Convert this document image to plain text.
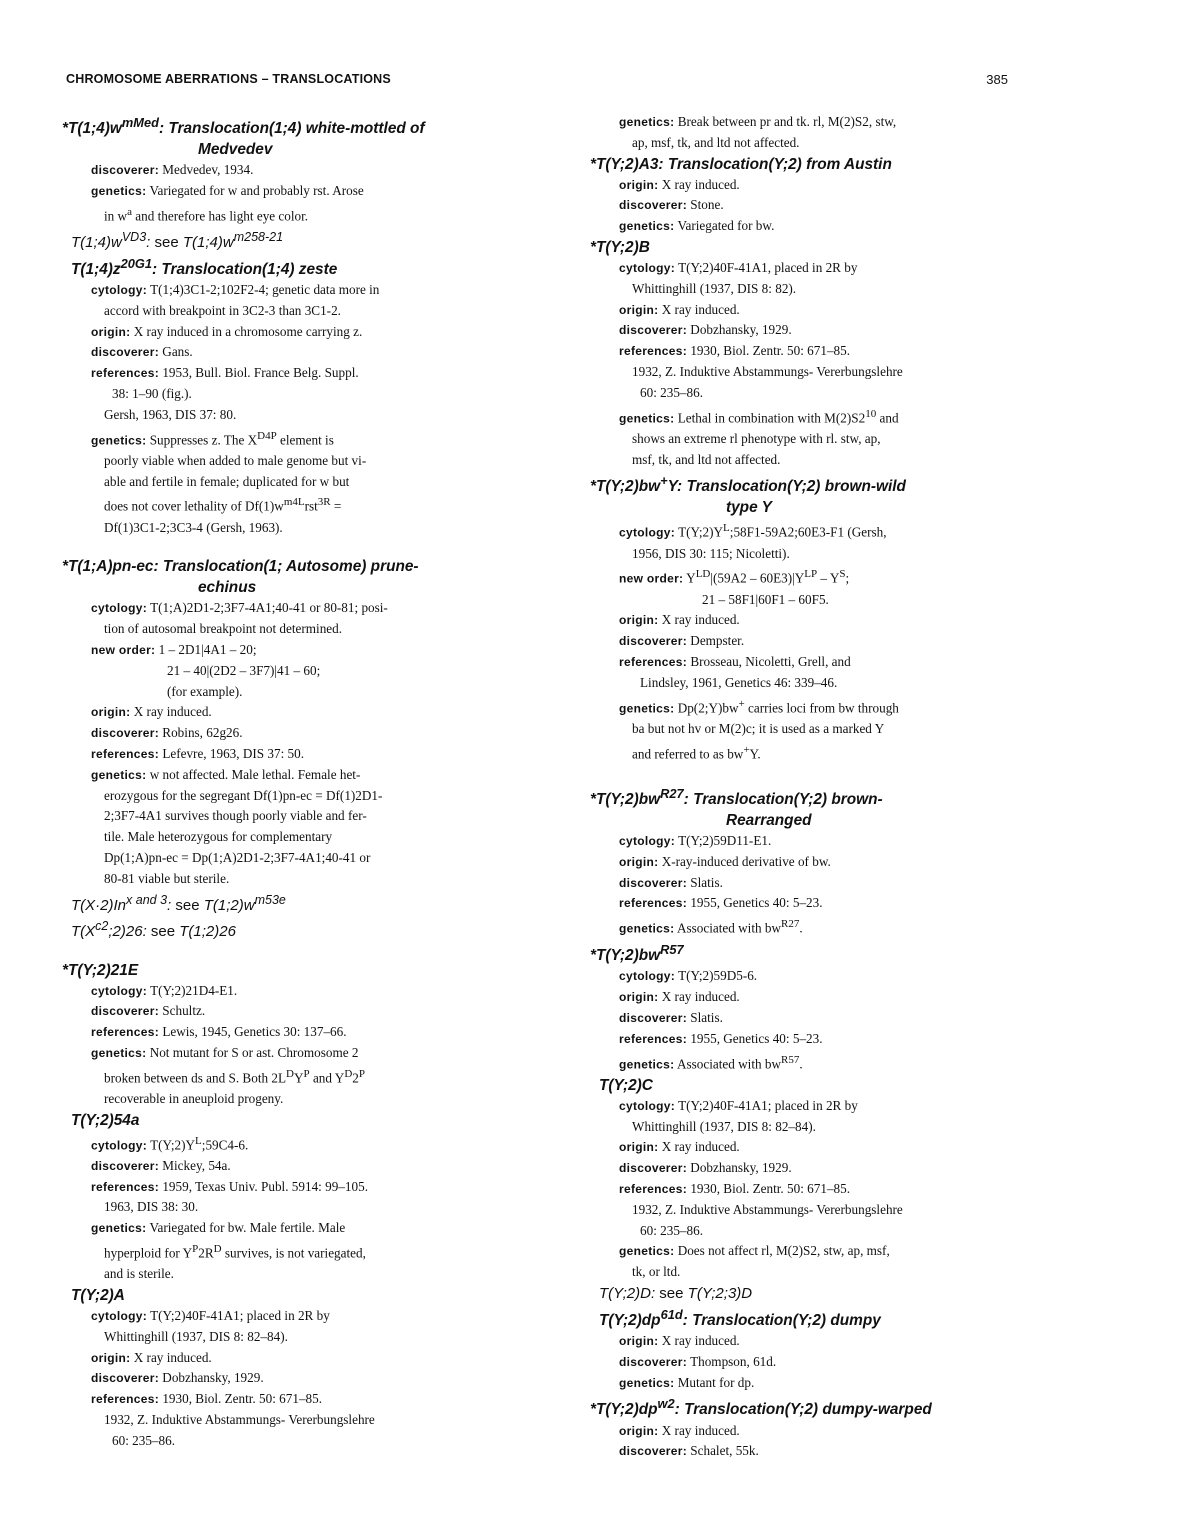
CHROMOSOME ABERRATIONS – TRANSLOCATIONS	385
$*T(1;4)w^{mMed}$: Translocation(1;4) white-mottled of
Medvedev
discoverer: Medvedev, 1934.
genetics: Variegated for w and probably rst. Arose
in $w^a$ and therefore has light eye color.
$T(1;4)w^{VD3}$: see $T(1;4)w^{m258-21}$
$T(1;4)z^{20G1}$: Translocation(1;4) zeste
cytology: T(1;4)3C1-2;102F2-4; genetic data more in
accord with breakpoint in 3C2-3 than 3C1-2.
origin: X ray induced in a chromosome carrying z.
discoverer: Gans.
references: 1953, Bull. Biol. France Belg. Suppl.
38: 1–90 (fig.).
Gersh, 1963, DIS 37: 80.
genetics: Suppresses z. The $X^{D4P}$ element is
poorly viable when added to male genome but vi-
able and fertile in female; duplicated for w but
does not cover lethality of $Df(1)w^{m4L}rst^{3R}$ =
Df(1)3C1-2;3C3-4 (Gersh, 1963).
*T(1;A)pn-ec: Translocation(1; Autosome) prune-
echinus
cytology: T(1;A)2D1-2;3F7-4A1;40-41 or 80-81; posi-
tion of autosomal breakpoint not determined.
new order: 1 – 2D1|4A1 – 20;
21 – 40|(2D2 – 3F7)|41 – 60;
(for example).
origin: X ray induced.
discoverer: Robins, 62g26.
references: Lefevre, 1963, DIS 37: 50.
genetics: w not affected. Male lethal. Female het-
erozygous for the segregant Df(1)pn-ec = Df(1)2D1-
2;3F7-4A1 survives though poorly viable and fer-
tile. Male heterozygous for complementary
Dp(1;A)pn-ec = Dp(1;A)2D1-2;3F7-4A1;40-41 or
80-81 viable but sterile.
$T(X\cdot 2)In^{x and 3}$: see $T(1;2)w^{m53e}$
$T(X^{c2};2)26$: see T(1;2)26
*T(Y;2)21E
cytology: T(Y;2)21D4-E1.
discoverer: Schultz.
references: Lewis, 1945, Genetics 30: 137–66.
genetics: Not mutant for S or ast. Chromosome 2
broken between ds and S. Both $2L^DY^P$ and $Y^D2^P$
recoverable in aneuploid progeny.
T(Y;2)54a
cytology: $T(Y;2)Y^L;59C4-6$.
discoverer: Mickey, 54a.
references: 1959, Texas Univ. Publ. 5914: 99–105.
1963, DIS 38: 30.
genetics: Variegated for bw. Male fertile. Male
hyperploid for $Y^P2R^D$ survives, is not variegated,
and is sterile.
T(Y;2)A
cytology: T(Y;2)40F-41A1; placed in 2R by
Whittinghill (1937, DIS 8: 82–84).
origin: X ray induced.
discoverer: Dobzhansky, 1929.
references: 1930, Biol. Zentr. 50: 671–85.
1932, Z. Induktive Abstammungs- Vererbungslehre
60: 235–86.
genetics: Break between pr and tk. rl, M(2)S2, stw,
ap, msf, tk, and ltd not affected.
*T(Y;2)A3: Translocation(Y;2) from Austin
origin: X ray induced.
discoverer: Stone.
genetics: Variegated for bw.
*T(Y;2)B
cytology: T(Y;2)40F-41A1, placed in 2R by
Whittinghill (1937, DIS 8: 82).
origin: X ray induced.
discoverer: Dobzhansky, 1929.
references: 1930, Biol. Zentr. 50: 671–85.
1932, Z. Induktive Abstammungs- Vererbungslehre
60: 235–86.
genetics: Lethal in combination with $M(2)S2^{10}$ and
shows an extreme rl phenotype with rl. stw, ap,
msf, tk, and ltd not affected.
*T(Y;2)bw+Y: Translocation(Y;2) brown-wild
type Y
cytology: $T(Y;2)Y^L;58F1-59A2;60E3-F1$ (Gersh,
1956, DIS 30: 115; Nicoletti).
new order: $Y^{LD}|(59A2 - 60E3)|Y^{LP} - Y^S$;
21 – 58F1|60F1 – 60F5.
origin: X ray induced.
discoverer: Dempster.
references: Brosseau, Nicoletti, Grell, and
Lindsley, 1961, Genetics 46: 339–46.
genetics: Dp(2;Y)bw+ carries loci from bw through
ba but not hv or M(2)c; it is used as a marked Y
and referred to as bw+Y.
$*T(Y;2)bw^{R27}$: Translocation(Y;2) brown-
Rearranged
cytology: T(Y;2)59D11-E1.
origin: X-ray-induced derivative of bw.
discoverer: Slatis.
references: 1955, Genetics 40: 5–23.
genetics: Associated with $bw^{R27}$.
$*T(Y;2)bw^{R57}$
cytology: T(Y;2)59D5-6.
origin: X ray induced.
discoverer: Slatis.
references: 1955, Genetics 40: 5–23.
genetics: Associated with $bw^{R57}$.
T(Y;2)C
cytology: T(Y;2)40F-41A1; placed in 2R by
Whittinghill (1937, DIS 8: 82–84).
origin: X ray induced.
discoverer: Dobzhansky, 1929.
references: 1930, Biol. Zentr. 50: 671–85.
1932, Z. Induktive Abstammungs- Vererbungslehre
60: 235–86.
genetics: Does not affect rl, M(2)S2, stw, ap, msf,
tk, or ltd.
T(Y;2)D: see T(Y;2;3)D
$T(Y;2)dp^{61d}$: Translocation(Y;2) dumpy
origin: X ray induced.
discoverer: Thompson, 61d.
genetics: Mutant for dp.
$*T(Y;2)dp^{w2}$: Translocation(Y;2) dumpy-warped
origin: X ray induced.
discoverer: Schalet, 55k.
